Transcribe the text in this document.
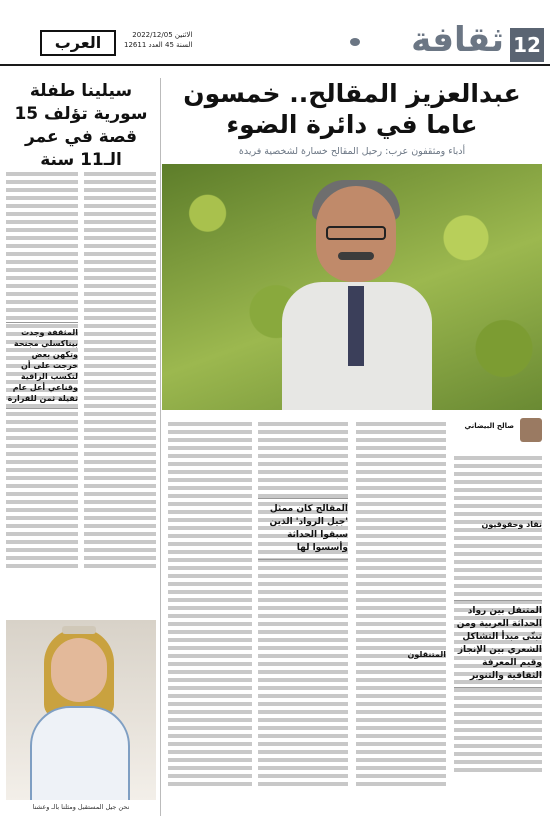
12
ثقافة
العرب	الاثنين 2022/12/05
السنة 45 العدد 12611
عبدالعزيز المقالح.. خمسون عاما في دائرة الضوء
أدباء ومثقفون عرب: رحيل المقالح خسارة لشخصية فريدة
صالح البيضاني
نقاد وحقوقيون
المتنقل بين رواد الحداثة العربية ومن تبنّى مبدأ التشاكل الشعري بين الإنجاز وقيم المعرفة الثقافية والتنوير
المتنقلون
المقالح كان ممثل 'جيل الرواد' الذين سبقوا الحداثة وأسسوا لها
سيلينا طفلة سورية تؤلف 15 قصة في عمر الـ11 سنة
المثقفة وجدت بيناكسلي مجنحة وتكهن بعض خرجت على أن لتكسب الراقية وقناعي أعل عام ثقيلة ثمن للقرارة
نحن جيل المستقبل ومثلنا بالـ وعشنا
